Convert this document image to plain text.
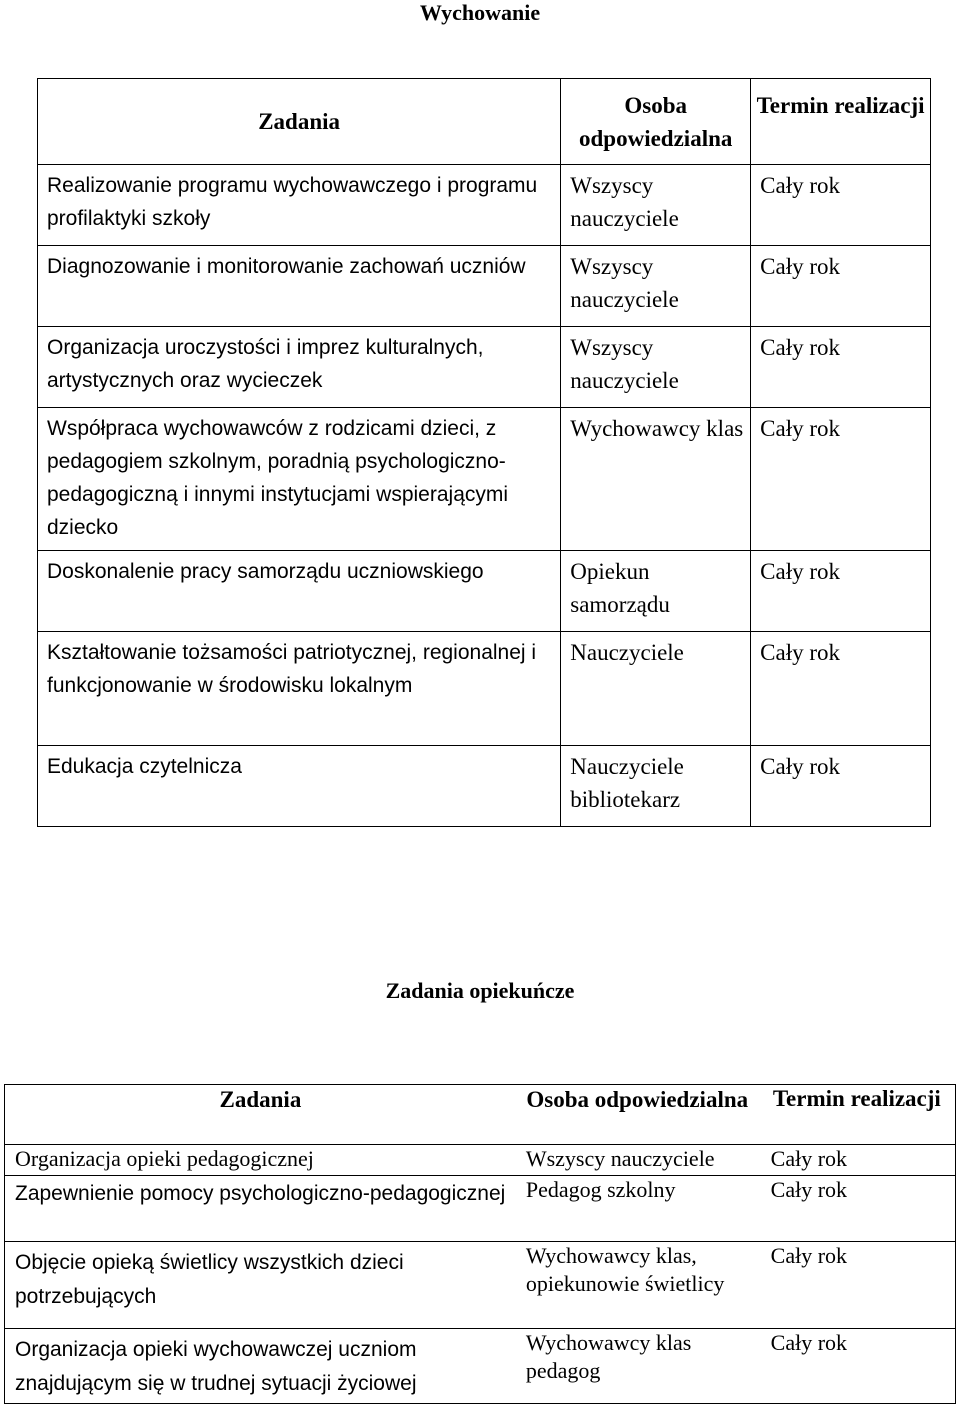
Wychowanie
Zadania	Osoba odpowiedzialna	Termin realizacji
Realizowanie programu wychowawczego i programu profilaktyki szkoły	Wszyscy nauczyciele	Cały rok
Diagnozowanie i monitorowanie zachowań uczniów	Wszyscy nauczyciele	Cały rok
Organizacja uroczystości i imprez kulturalnych, artystycznych oraz wycieczek	Wszyscy nauczyciele	Cały rok
Współpraca wychowawców z rodzicami dzieci, z pedagogiem szkolnym, poradnią psychologiczno-pedagogiczną i innymi instytucjami wspierającymi dziecko	Wychowawcy klas	Cały rok
Doskonalenie pracy samorządu uczniowskiego	Opiekun samorządu	Cały rok
Kształtowanie tożsamości patriotycznej, regionalnej i funkcjonowanie w środowisku lokalnym	Nauczyciele	Cały rok
Edukacja czytelnicza	Nauczyciele bibliotekarz	Cały rok
Zadania opiekuńcze
Zadania	Osoba odpowiedzialna	Termin realizacji
Organizacja opieki pedagogicznej	Wszyscy nauczyciele	Cały rok
Zapewnienie pomocy psychologiczno-pedagogicznej	Pedagog szkolny	Cały rok
Objęcie opieką świetlicy wszystkich dzieci potrzebujących	Wychowawcy klas, opiekunowie świetlicy	Cały rok
Organizacja opieki wychowawczej uczniom znajdującym się w trudnej sytuacji życiowej	Wychowawcy klas pedagog	Cały rok
